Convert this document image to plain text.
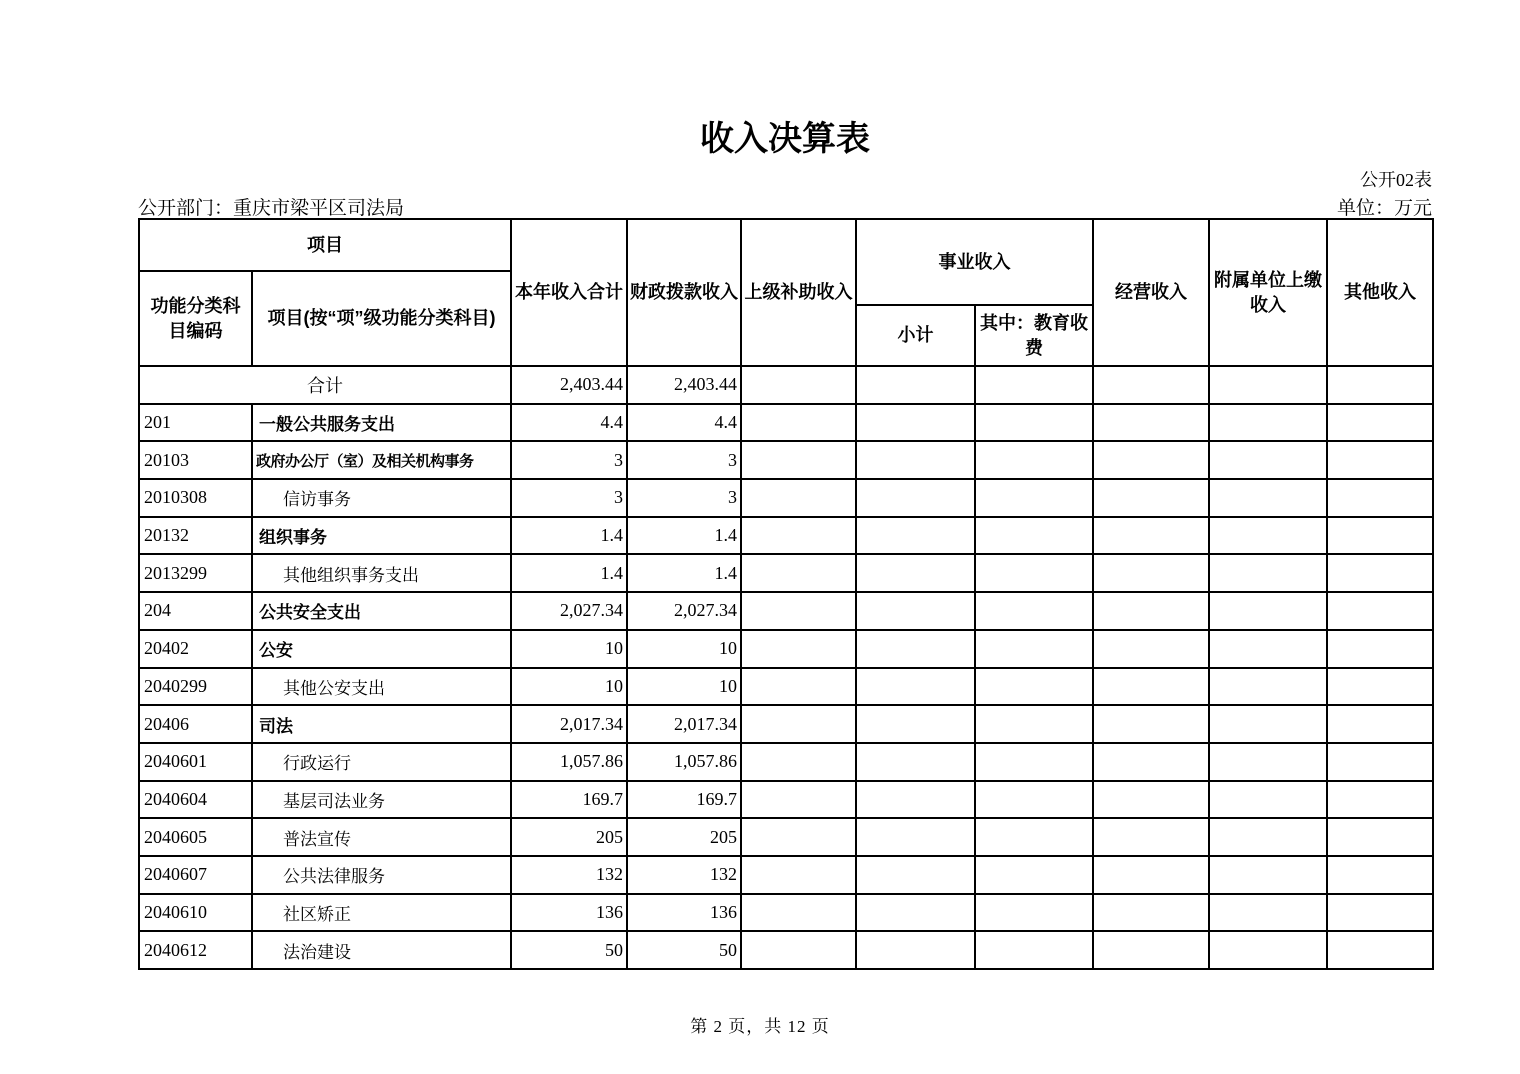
收入决算表
公开02表
公开部门：重庆市梁平区司法局	单位：万元
项目		本年收入合计	财政拨款收入	上级补助收入	事业收入		经营收入	附属单位上缴收入	其他收入
功能分类科目编码	项目(按“项”级功能分类科目)								
					小计	其中：教育收费			
合计		2,403.44	2,403.44						
201	一般公共服务支出	4.4	4.4						
20103	政府办公厅（室）及相关机构事务	3	3						
2010308	信访事务	3	3						
20132	组织事务	1.4	1.4						
2013299	其他组织事务支出	1.4	1.4						
204	公共安全支出	2,027.34	2,027.34						
20402	公安	10	10						
2040299	其他公安支出	10	10						
20406	司法	2,017.34	2,017.34						
2040601	行政运行	1,057.86	1,057.86						
2040604	基层司法业务	169.7	169.7						
2040605	普法宣传	205	205						
2040607	公共法律服务	132	132						
2040610	社区矫正	136	136						
2040612	法治建设	50	50						
第 2 页，共 12 页
